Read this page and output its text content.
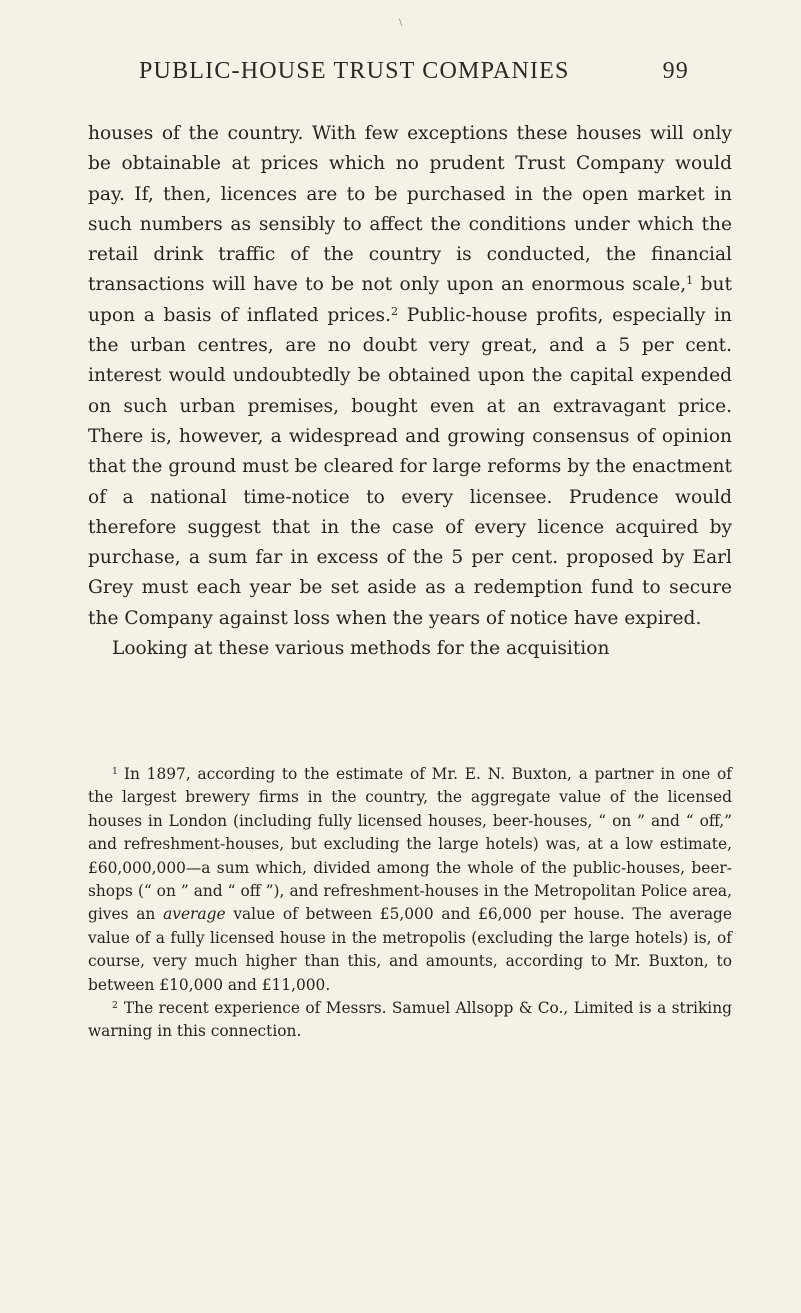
\
PUBLIC-HOUSE TRUST COMPANIES	99

houses of the country. With few exceptions these houses will only be obtainable at prices which no prudent Trust Company would pay. If, then, licences are to be purchased in the open market in such numbers as sensibly to affect the conditions under which the retail drink traffic of the country is conducted, the financial transactions will have to be not only upon an enormous scale,$^1$ but upon a basis of inflated prices.$^2$ Public-house profits, especially in the urban centres, are no doubt very great, and a 5 per cent. interest would undoubtedly be obtained upon the capital expended on such urban premises, bought even at an extravagant price. There is, however, a widespread and growing consensus of opinion that the ground must be cleared for large reforms by the enactment of a national time-notice to every licensee. Prudence would therefore suggest that in the case of every licence acquired by purchase, a sum far in excess of the 5 per cent. proposed by Earl Grey must each year be set aside as a redemption fund to secure the Company against loss when the years of notice have expired.

Looking at these various methods for the acquisition

$^1$ In 1897, according to the estimate of Mr. E. N. Buxton, a partner in one of the largest brewery firms in the country, the aggregate value of the licensed houses in London (including fully licensed houses, beer-houses, “ on ” and “ off,” and refreshment-houses, but excluding the large hotels) was, at a low estimate, £60,000,000—a sum which, divided among the whole of the public-houses, beer-shops (“ on ” and “ off ”), and refreshment-houses in the Metropolitan Police area, gives an average value of between £5,000 and £6,000 per house. The average value of a fully licensed house in the metropolis (excluding the large hotels) is, of course, very much higher than this, and amounts, according to Mr. Buxton, to between £10,000 and £11,000.

$^2$ The recent experience of Messrs. Samuel Allsopp & Co., Limited is a striking warning in this connection.
